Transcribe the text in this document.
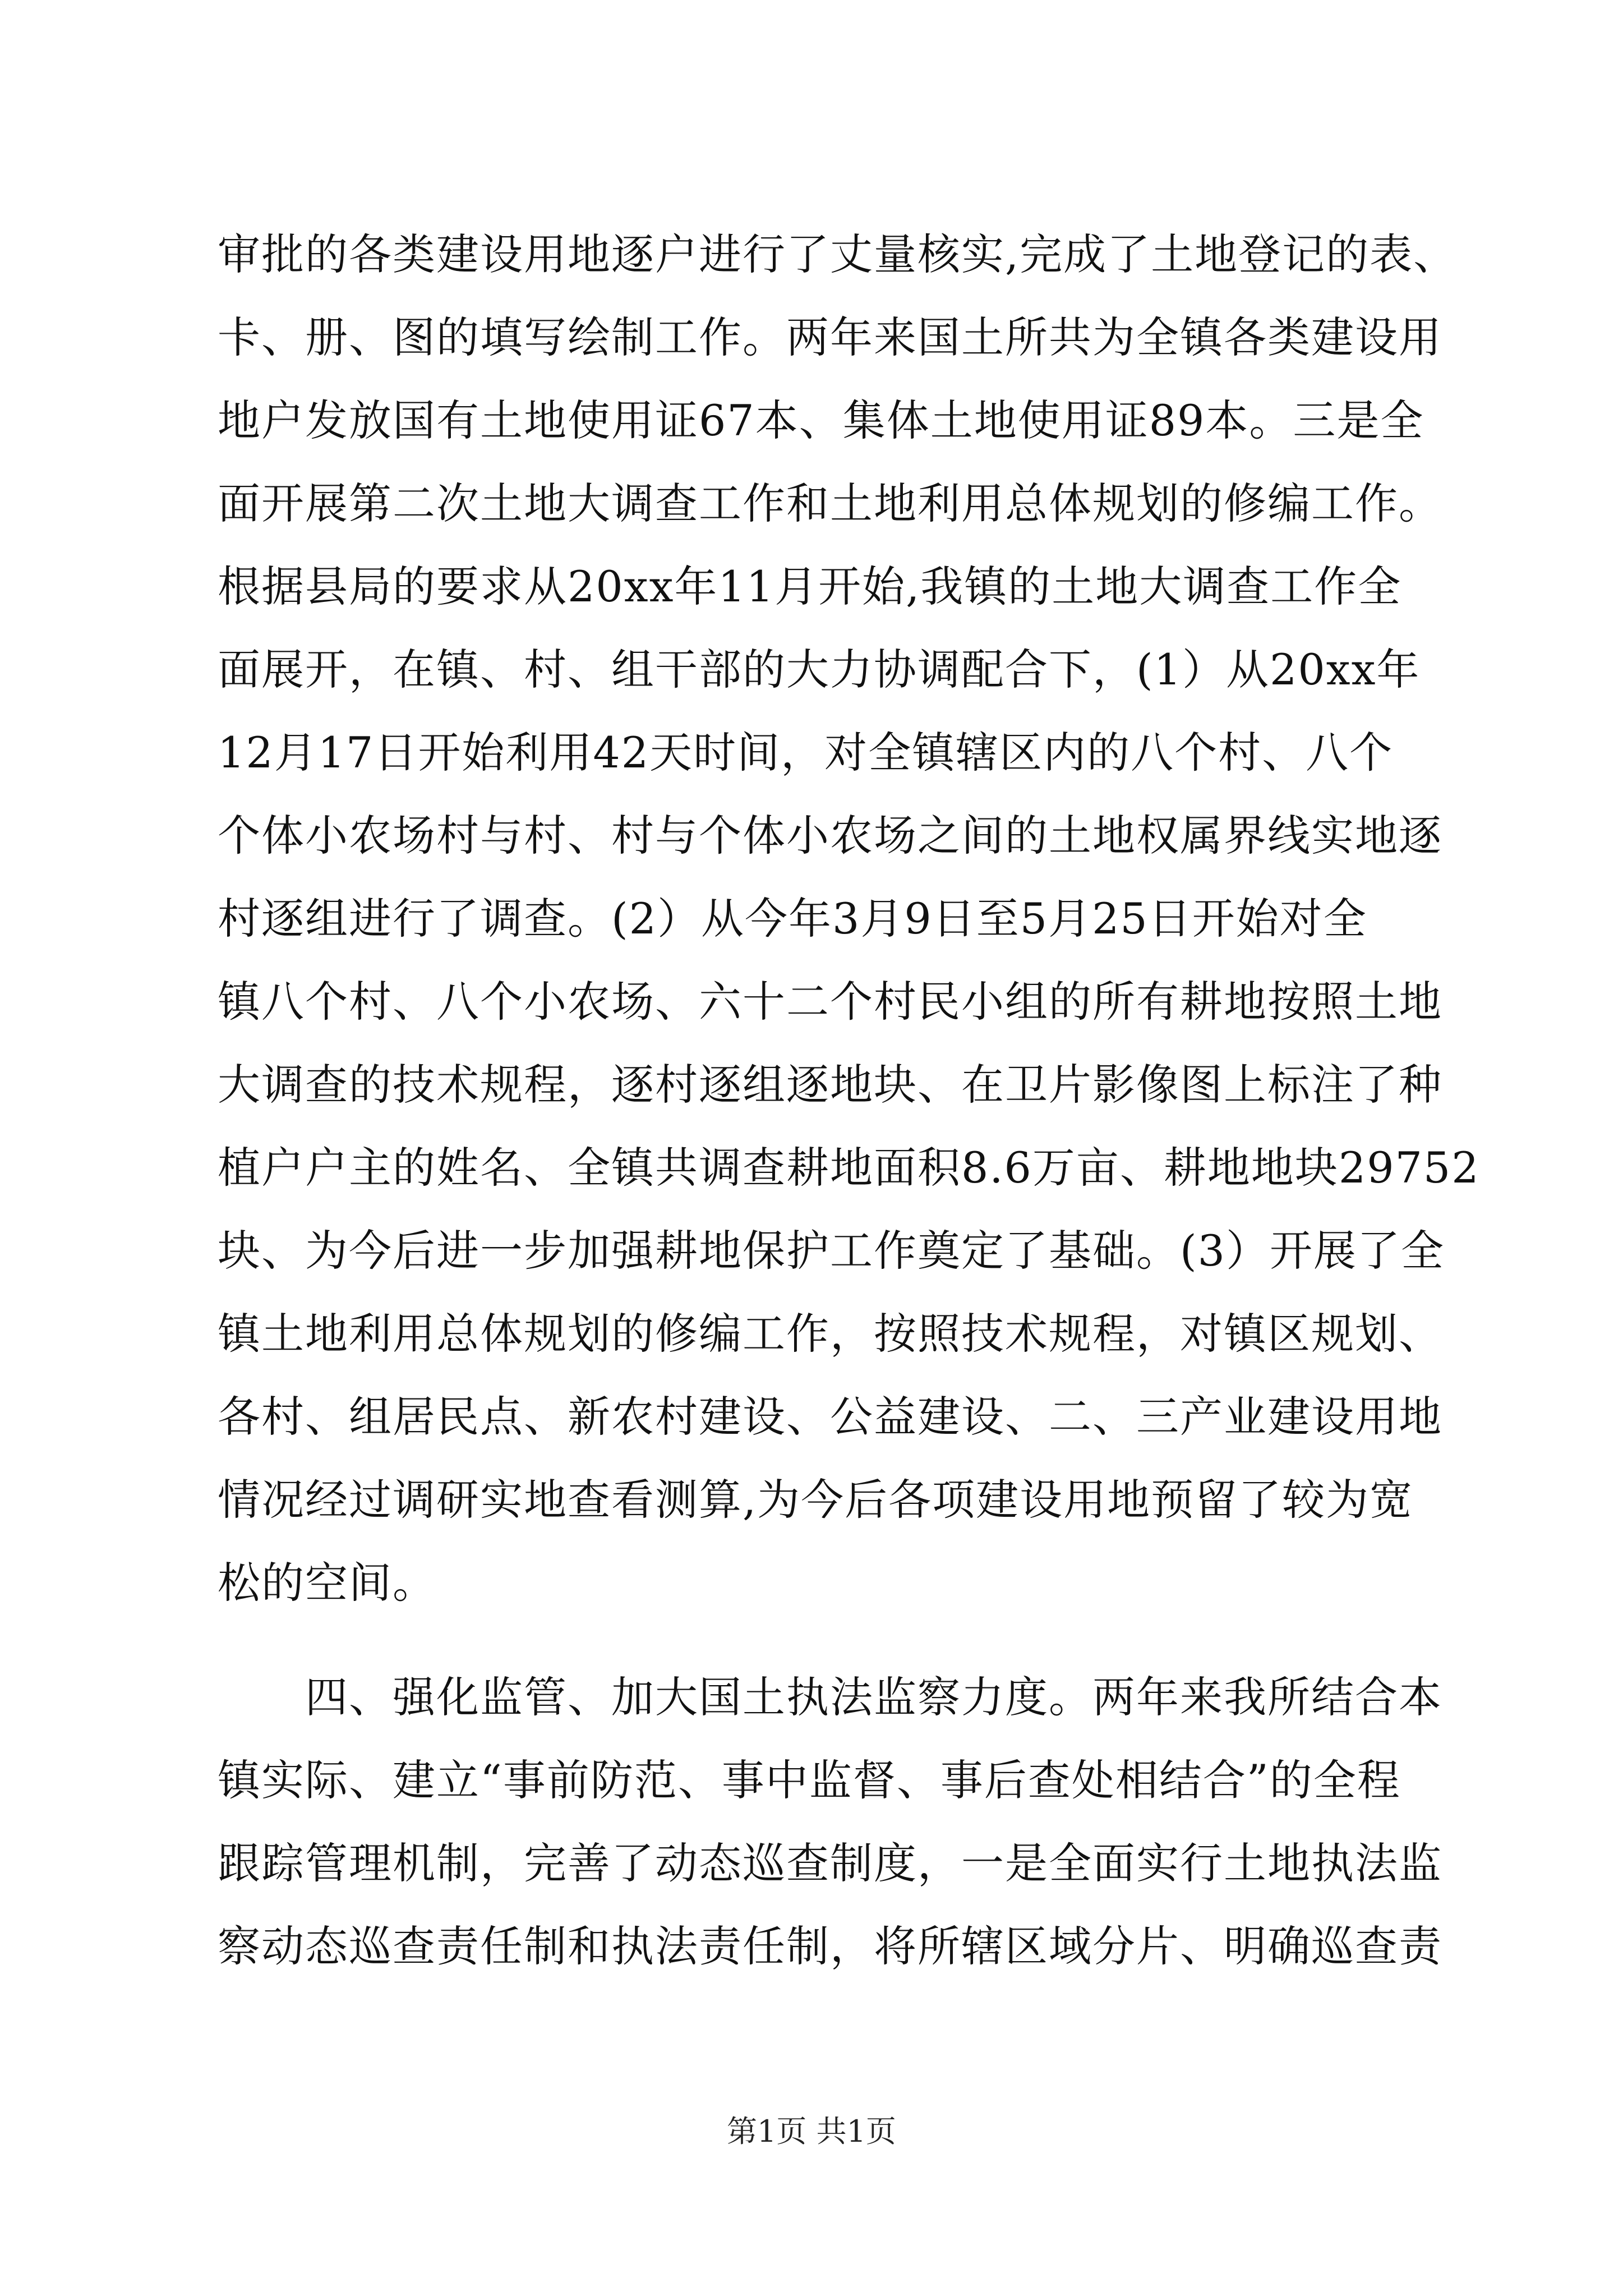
审批的各类建设用地逐户进行了丈量核实,完成了土地登记的表、
卡、册、图的填写绘制工作。两年来国土所共为全镇各类建设用
地户发放国有土地使用证67本、集体土地使用证89本。三是全
面开展第二次土地大调查工作和土地利用总体规划的修编工作。
根据县局的要求从20xx年11月开始,我镇的土地大调查工作全
面展开，在镇、村、组干部的大力协调配合下，(1）从20xx年
12月17日开始利用42天时间，对全镇辖区内的八个村、八个
个体小农场村与村、村与个体小农场之间的土地权属界线实地逐
村逐组进行了调查。(2）从今年3月9日至5月25日开始对全
镇八个村、八个小农场、六十二个村民小组的所有耕地按照土地
大调查的技术规程，逐村逐组逐地块、在卫片影像图上标注了种
植户户主的姓名、全镇共调查耕地面积8.6万亩、耕地地块29752
块、为今后进一步加强耕地保护工作奠定了基础。(3）开展了全
镇土地利用总体规划的修编工作，按照技术规程，对镇区规划、
各村、组居民点、新农村建设、公益建设、二、三产业建设用地
情况经过调研实地查看测算,为今后各项建设用地预留了较为宽
松的空间。
　　四、强化监管、加大国土执法监察力度。两年来我所结合本
镇实际、建立“事前防范、事中监督、事后查处相结合”的全程
跟踪管理机制，完善了动态巡查制度，一是全面实行土地执法监
察动态巡查责任制和执法责任制，将所辖区域分片、明确巡查责
第1页 共1页
